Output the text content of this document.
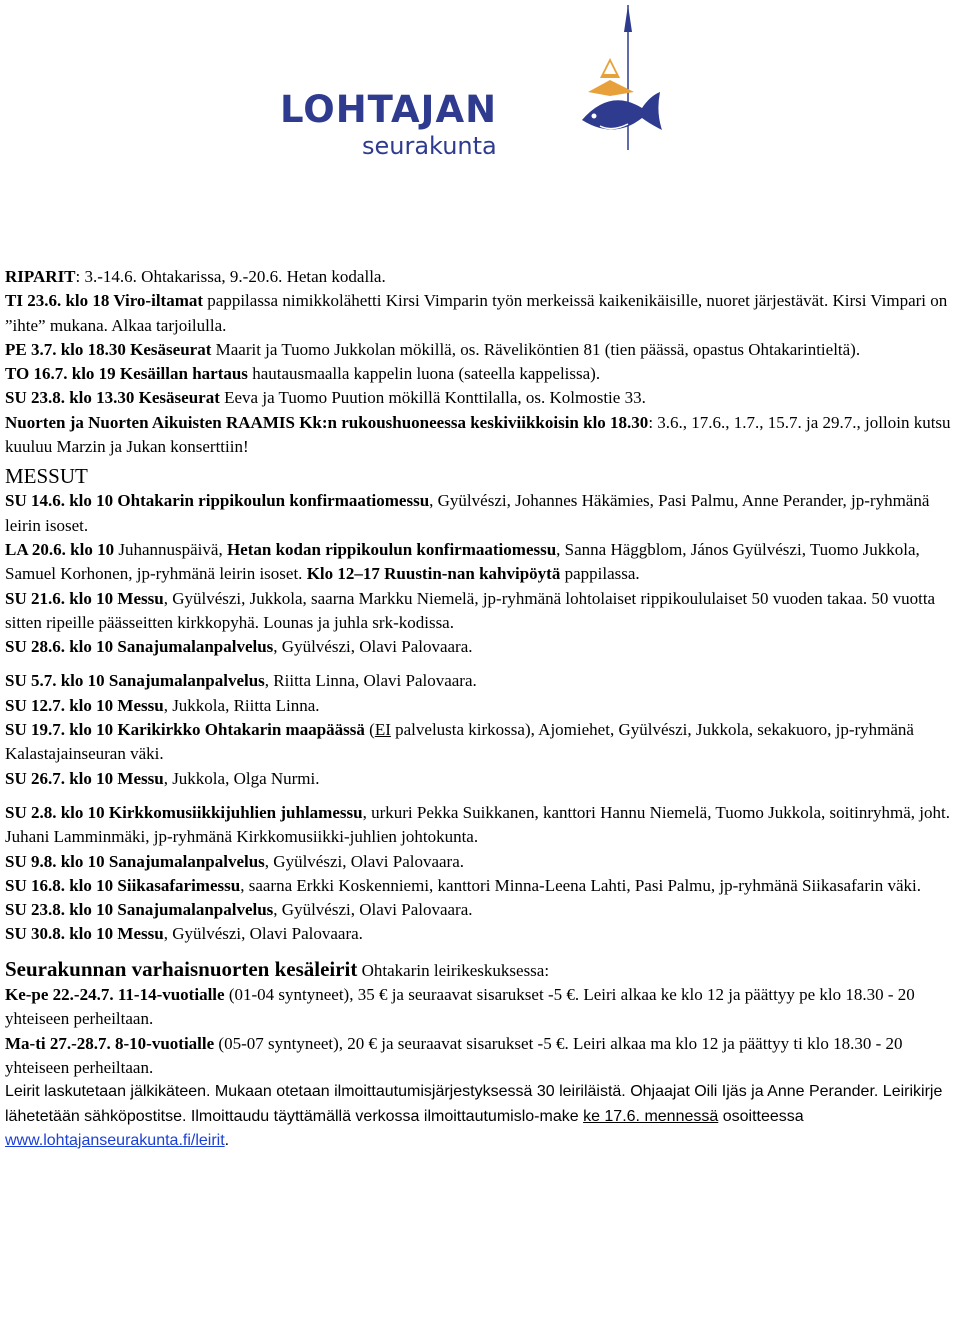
LOHTAJAN
seurakunta

RIPARIT: 3.-14.6. Ohtakarissa, 9.-20.6. Hetan kodalla.

TI 23.6. klo 18 Viro-iltamat pappilassa nimikkolähetti Kirsi Vimparin työn merkeissä kaikenikäisille, nuoret järjestävät. Kirsi Vimpari on ”ihte” mukana. Alkaa tarjoilulla.

PE 3.7. klo 18.30 Kesäseurat Maarit ja Tuomo Jukkolan mökillä, os. Räveliköntien 81 (tien päässä, opastus Ohtakarintieltä).

TO 16.7. klo 19 Kesäillan hartaus hautausmaalla kappelin luona (sateella kappelissa).

SU 23.8. klo 13.30 Kesäseurat Eeva ja Tuomo Puution mökillä Konttilalla, os. Kolmostie 33.

Nuorten ja Nuorten Aikuisten RAAMIS Kk:n rukoushuoneessa keskiviikkoisin klo 18.30: 3.6., 17.6., 1.7., 15.7. ja 29.7., jolloin kutsu kuuluu Marzin ja Jukan konserttiin!

MESSUT

SU 14.6. klo 10 Ohtakarin rippikoulun konfirmaatiomessu, Gyülvészi, Johannes Häkämies, Pasi Palmu, Anne Perander, jp-ryhmänä leirin isoset.

LA 20.6. klo 10 Juhannuspäivä, Hetan kodan rippikoulun konfirmaatiomessu, Sanna Häggblom, János Gyülvészi, Tuomo Jukkola, Samuel Korhonen, jp-ryhmänä leirin isoset. Klo 12–17 Ruustin-nan kahvipöytä pappilassa.

SU 21.6. klo 10 Messu, Gyülvészi, Jukkola, saarna Markku Niemelä, jp-ryhmänä lohtolaiset rippikoululaiset 50 vuoden takaa. 50 vuotta sitten ripeille päässeitten kirkkopyhä. Lounas ja juhla srk-kodissa.

SU 28.6. klo 10 Sanajumalanpalvelus, Gyülvészi, Olavi Palovaara.

SU 5.7. klo 10 Sanajumalanpalvelus, Riitta Linna, Olavi Palovaara.

SU 12.7. klo 10 Messu, Jukkola, Riitta Linna.

SU 19.7. klo 10 Karikirkko Ohtakarin maapäässä (EI palvelusta kirkossa), Ajomiehet, Gyülvészi, Jukkola, sekakuoro, jp-ryhmänä Kalastajainseuran väki.

SU 26.7. klo 10 Messu, Jukkola, Olga Nurmi.

SU 2.8. klo 10 Kirkkomusiikkijuhlien juhlamessu, urkuri Pekka Suikkanen, kanttori Hannu Niemelä, Tuomo Jukkola, soitinryhmä, joht. Juhani Lamminmäki, jp-ryhmänä Kirkkomusiikki-juhlien johtokunta.

SU 9.8. klo 10 Sanajumalanpalvelus, Gyülvészi, Olavi Palovaara.

SU 16.8. klo 10 Siikasafarimessu, saarna Erkki Koskenniemi, kanttori Minna-Leena Lahti, Pasi Palmu, jp-ryhmänä Siikasafarin väki.

SU 23.8. klo 10 Sanajumalanpalvelus, Gyülvészi, Olavi Palovaara.

SU 30.8. klo 10 Messu, Gyülvészi, Olavi Palovaara.

Seurakunnan varhaisnuorten kesäleirit Ohtakarin leirikeskuksessa:

Ke-pe 22.-24.7. 11-14-vuotialle (01-04 syntyneet), 35 € ja seuraavat sisarukset -5 €. Leiri alkaa ke klo 12 ja päättyy pe klo 18.30 - 20 yhteiseen perheiltaan.

Ma-ti 27.-28.7. 8-10-vuotialle (05-07 syntyneet), 20 € ja seuraavat sisarukset -5 €. Leiri alkaa ma klo 12 ja päättyy ti klo 18.30 - 20 yhteiseen perheiltaan.

Leirit laskutetaan jälkikäteen. Mukaan otetaan ilmoittautumisjärjestyksessä 30 leiriläistä. Ohjaajat Oili Ijäs ja Anne Perander. Leirikirje lähetetään sähköpostitse. Ilmoittaudu täyttämällä verkossa ilmoittautumislo-make ke 17.6. mennessä osoitteessa www.lohtajanseurakunta.fi/leirit.
